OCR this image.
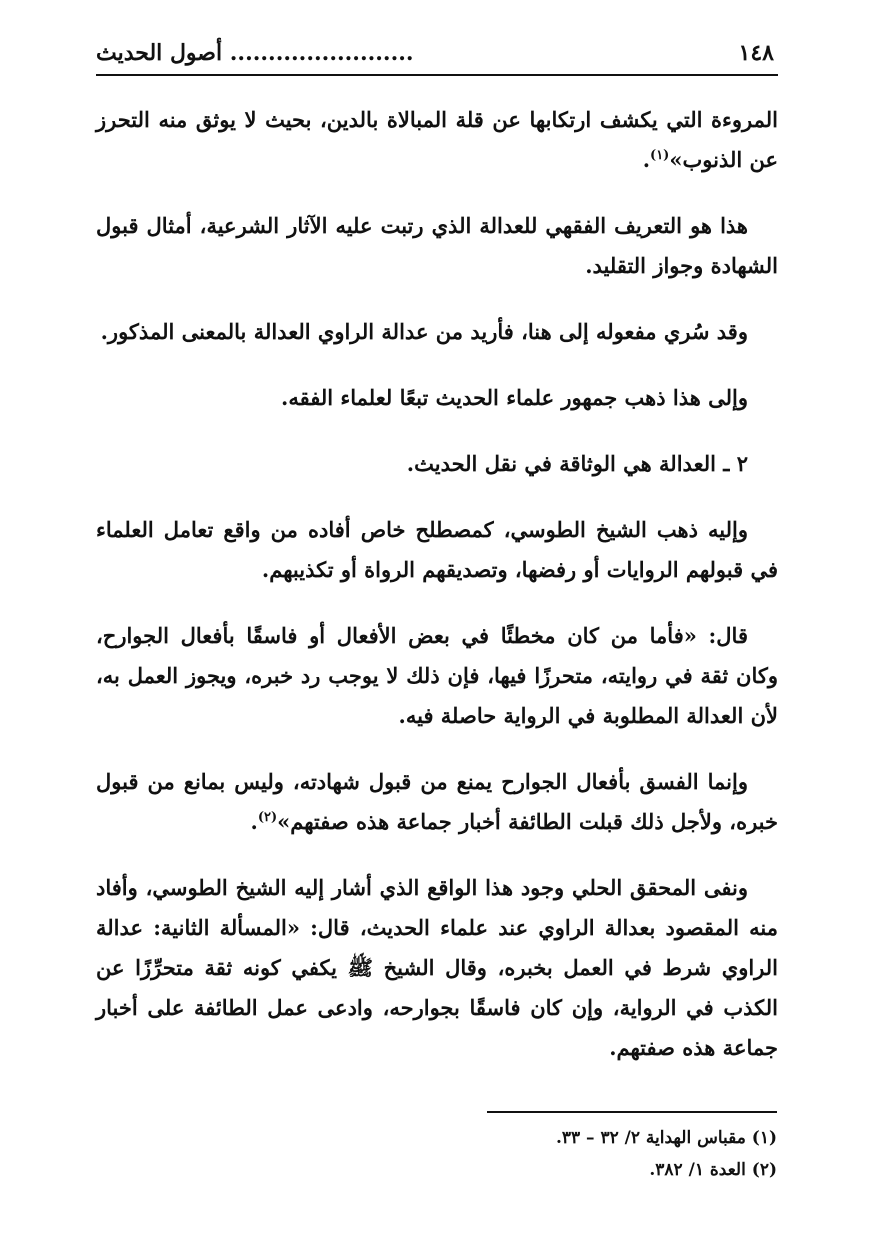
١٤٨
........................ أصول الحديث

المروءة التي يكشف ارتكابها عن قلة المبالاة بالدين، بحيث لا يوثق منه التحرز عن الذنوب»$^{(١)}$.

هذا هو التعريف الفقهي للعدالة الذي رتبت عليه الآثار الشرعية، أمثال قبول الشهادة وجواز التقليد.

وقد سُري مفعوله إلى هنا، فأريد من عدالة الراوي العدالة بالمعنى المذكور.

وإلى هذا ذهب جمهور علماء الحديث تبعًا لعلماء الفقه.

٢ ـ العدالة هي الوثاقة في نقل الحديث.

وإليه ذهب الشيخ الطوسي، كمصطلح خاص أفاده من واقع تعامل العلماء في قبولهم الروايات أو رفضها، وتصديقهم الرواة أو تكذيبهم.

قال: «فأما من كان مخطئًا في بعض الأفعال أو فاسقًا بأفعال الجوارح، وكان ثقة في روايته، متحرزًا فيها، فإن ذلك لا يوجب رد خبره، ويجوز العمل به، لأن العدالة المطلوبة في الرواية حاصلة فيه.

وإنما الفسق بأفعال الجوارح يمنع من قبول شهادته، وليس بمانع من قبول خبره، ولأجل ذلك قبلت الطائفة أخبار جماعة هذه صفتهم»$^{(٢)}$.

ونفى المحقق الحلي وجود هذا الواقع الذي أشار إليه الشيخ الطوسي، وأفاد منه المقصود بعدالة الراوي عند علماء الحديث، قال: «المسألة الثانية: عدالة الراوي شرط في العمل بخبره، وقال الشيخ ﷺ يكفي كونه ثقة متحرِّزًا عن الكذب في الرواية، وإن كان فاسقًا بجوارحه، وادعى عمل الطائفة على أخبار جماعة هذه صفتهم.

(١) مقباس الهداية ٢/ ٣٢ – ٣٣.
(٢) العدة ١/ ٣٨٢.
